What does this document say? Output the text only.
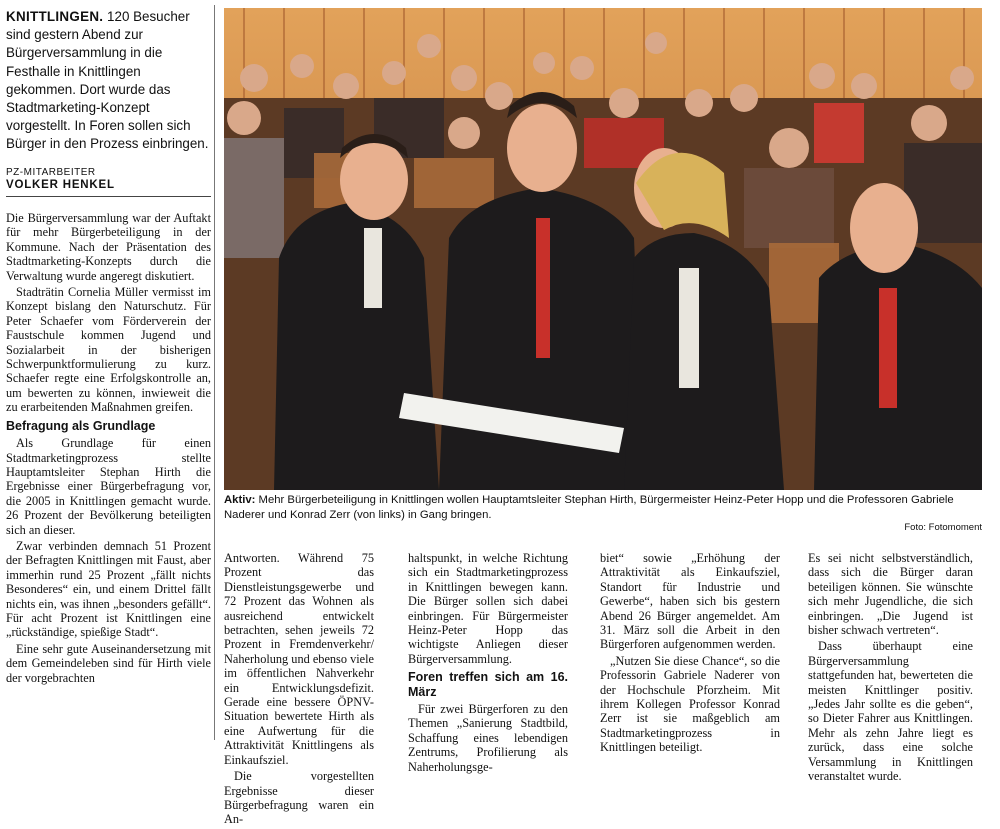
KNITTLINGEN. 120 Besucher sind gestern Abend zur Bürgerversammlung in die Festhalle in Knittlingen gekommen. Dort wurde das Stadtmarketing-Konzept vorgestellt. In Foren sollen sich Bürger in den Prozess einbringen.
PZ-MITARBEITER
VOLKER HENKEL

Die Bürgerversammlung war der Auftakt für mehr Bürgerbeteiligung in der Kommune. Nach der Präsentation des Stadtmarketing-Konzepts durch die Verwaltung wurde angeregt diskutiert.

Stadträtin Cornelia Müller vermisst im Konzept bislang den Naturschutz. Für Peter Schaefer vom Förderverein der Faustschule kommen Jugend und Sozialarbeit in der bisherigen Schwerpunktformulierung zu kurz. Schaefer regte eine Erfolgskontrolle an, um bewerten zu können, inwieweit die zu erarbeitenden Maßnahmen greifen.

Befragung als Grundlage

Als Grundlage für einen Stadtmarketingprozess stellte Hauptamtsleiter Stephan Hirth die Ergebnisse einer Bürgerbefragung vor, die 2005 in Knittlingen gemacht wurde. 26 Prozent der Bevölkerung beteiligten sich an dieser.

Zwar verbinden demnach 51 Prozent der Befragten Knittlingen mit Faust, aber immerhin rund 25 Prozent „fällt nichts Besonderes“ ein, und einem Drittel fällt nichts ein, was ihnen „besonders gefällt“. Für acht Prozent ist Knittlingen eine „rückständige, spießige Stadt“.

Eine sehr gute Auseinandersetzung mit dem Gemeindeleben sind für Hirth viele der vorgebrachten

Aktiv: Mehr Bürgerbeteiligung in Knittlingen wollen Hauptamtsleiter Stephan Hirth, Bürgermeister Heinz-Peter Hopp und die Professoren Gabriele Naderer und Konrad Zerr (von links) in Gang bringen.
Foto: Fotomoment

Antworten. Während 75 Prozent das Dienstleistungsgewerbe und 72 Prozent das Wohnen als ausreichend entwickelt betrachten, sehen jeweils 72 Prozent in Fremdenverkehr/ Naherholung und ebenso viele im öffentlichen Nahverkehr ein Entwicklungsdefizit. Gerade eine bessere ÖPNV-Situation bewertete Hirth als eine Aufwertung für die Attraktivität Knittlingens als Einkaufsziel.

Die vorgestellten Ergebnisse dieser Bürgerbefragung waren ein An-

haltspunkt, in welche Richtung sich ein Stadtmarketingprozess in Knittlingen bewegen kann. Die Bürger sollen sich dabei einbringen. Für Bürgermeister Heinz-Peter Hopp das wichtigste Anliegen dieser Bürgerversammlung.

Foren treffen sich am 16. März

Für zwei Bürgerforen zu den Themen „Sanierung Stadtbild, Schaffung eines lebendigen Zentrums, Profilierung als Naherholungsge-

biet“ sowie „Erhöhung der Attraktivität als Einkaufsziel, Standort für Industrie und Gewerbe“, haben sich bis gestern Abend 26 Bürger angemeldet. Am 31. März soll die Arbeit in den Bürgerforen aufgenommen werden.

„Nutzen Sie diese Chance“, so die Professorin Gabriele Naderer von der Hochschule Pforzheim. Mit ihrem Kollegen Professor Konrad Zerr ist sie maßgeblich am Stadtmarketingprozess in Knittlingen beteiligt.

Es sei nicht selbstverständlich, dass sich die Bürger daran beteiligen können. Sie wünschte sich mehr Jugendliche, die sich einbringen. „Die Jugend ist bisher schwach vertreten“.

Dass überhaupt eine Bürgerversammlung stattgefunden hat, bewerteten die meisten Knittlinger positiv. „Jedes Jahr sollte es die geben“, so Dieter Fahrer aus Knittlingen. Mehr als zehn Jahre liegt es zurück, dass eine solche Versammlung in Knittlingen veranstaltet wurde.
